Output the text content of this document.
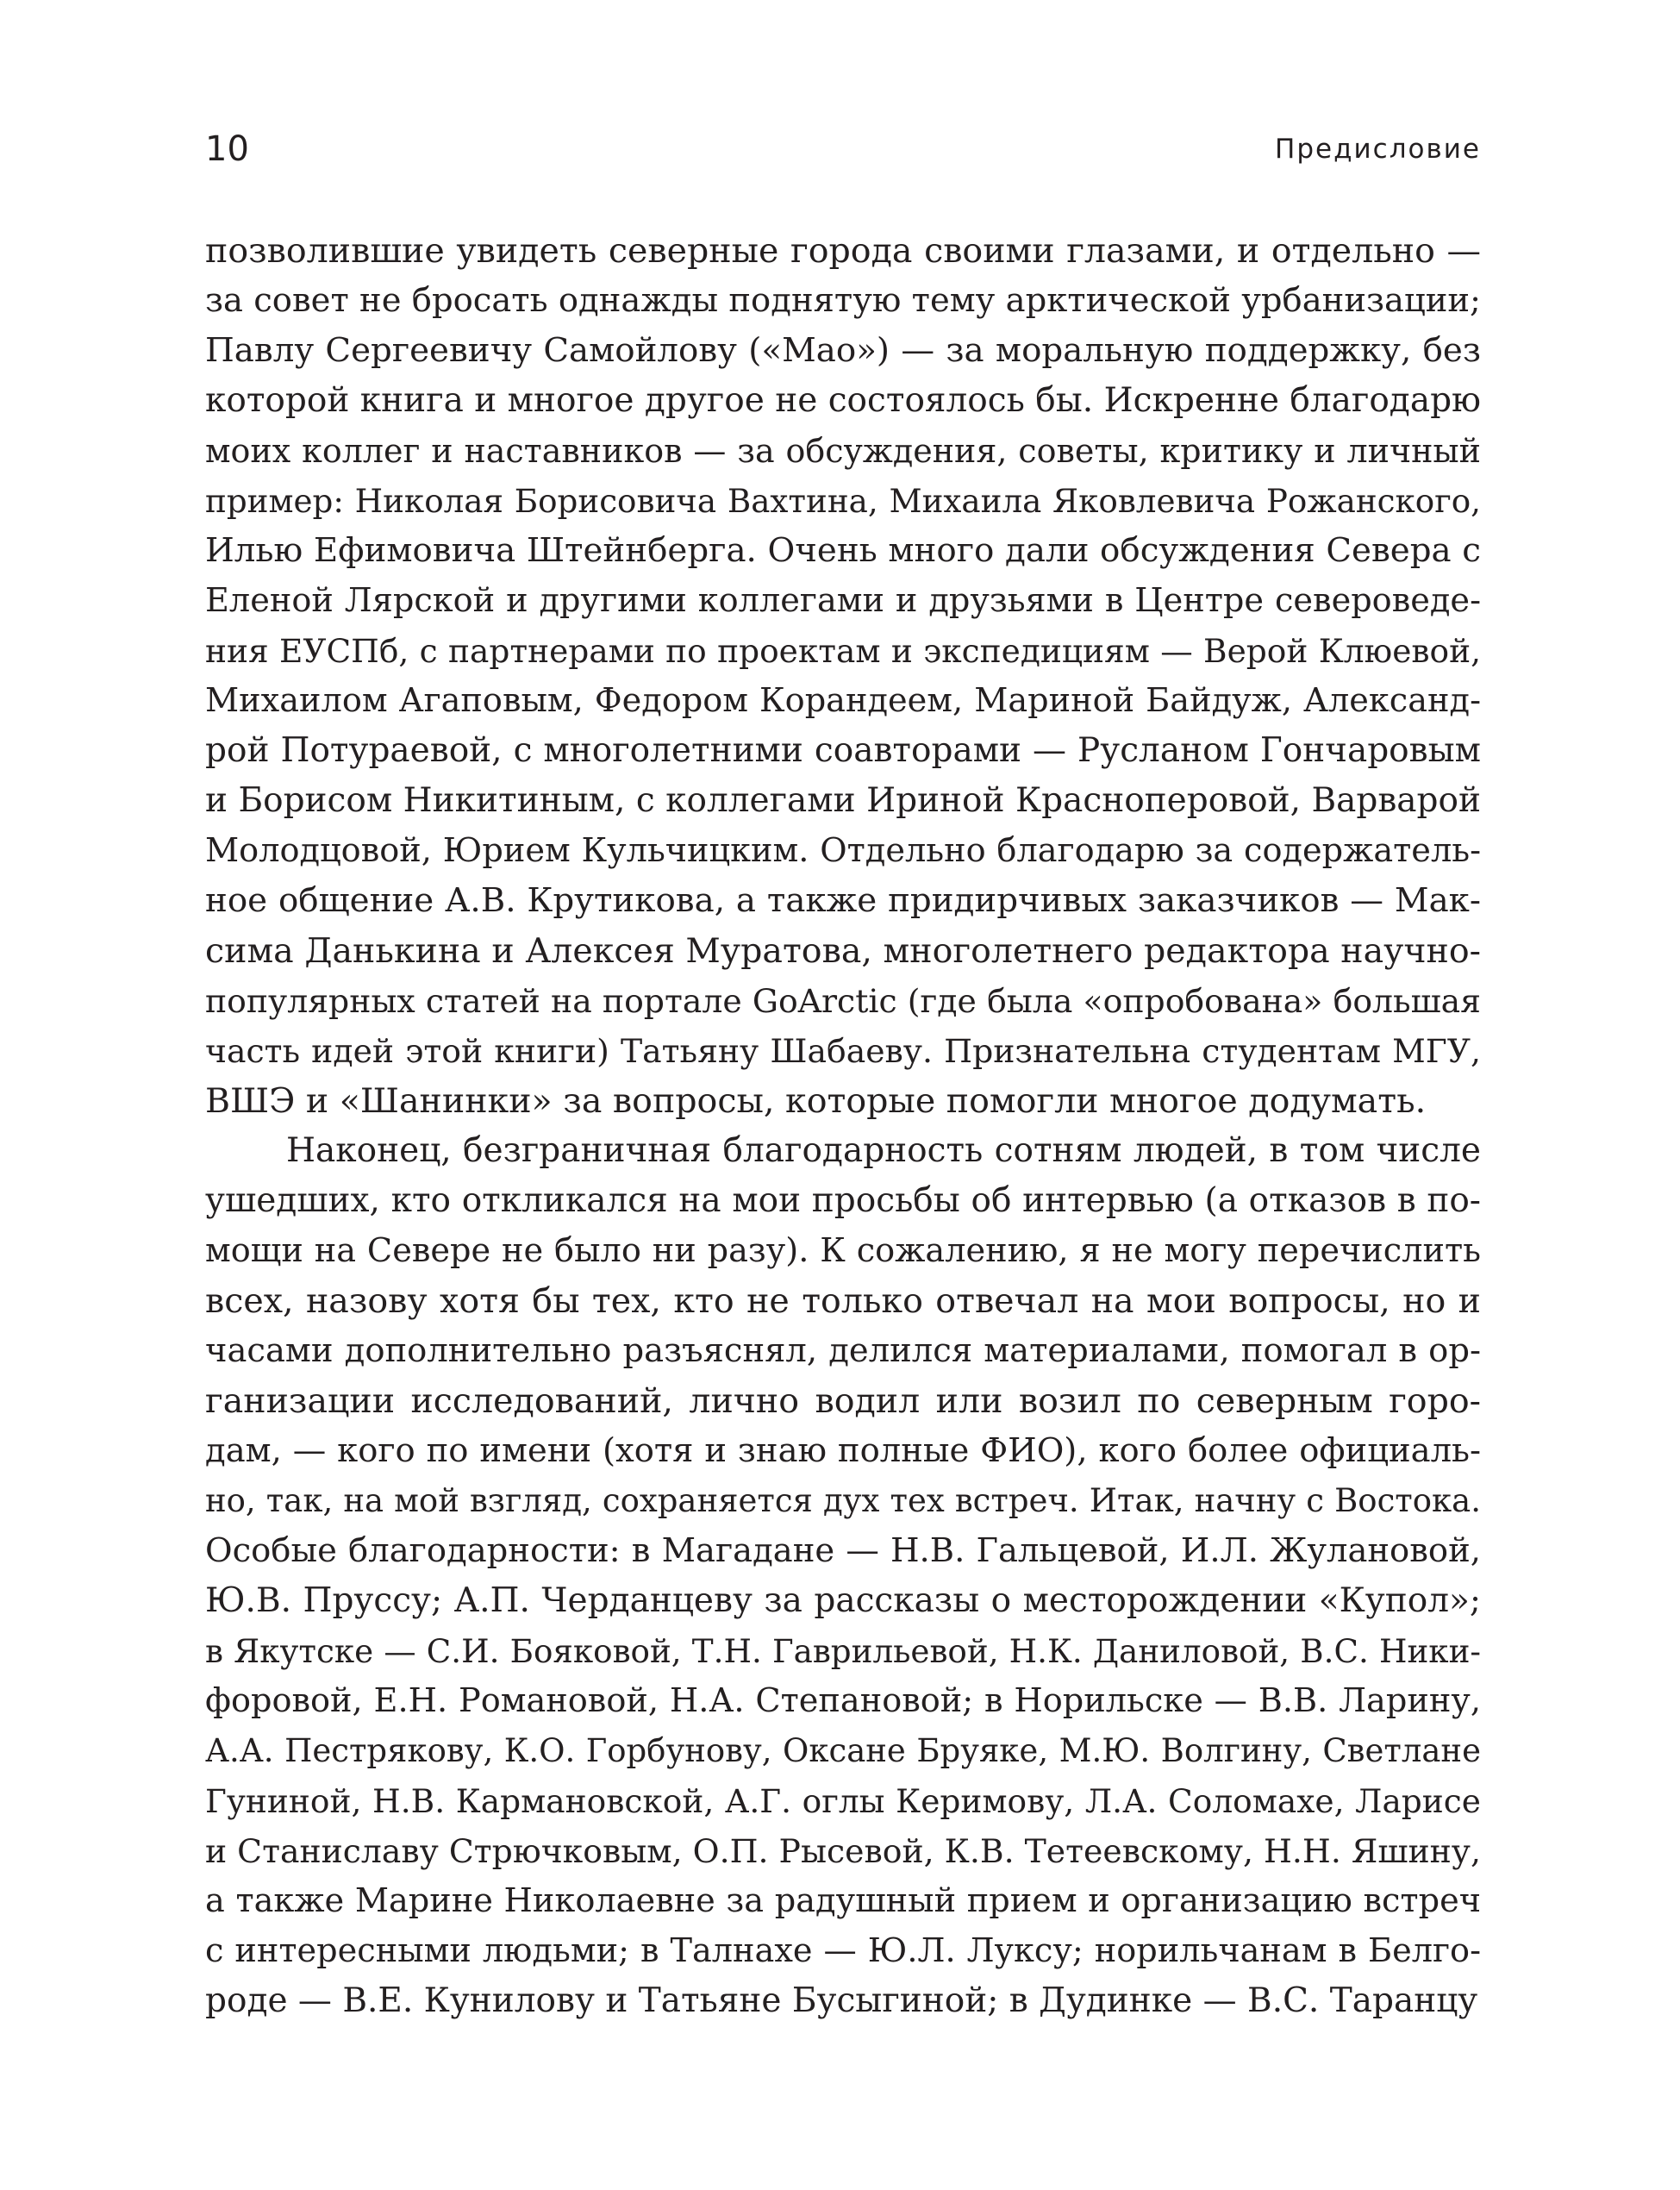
10	Предисловие
позволившие увидеть северные города своими глазами, и отдельно —
за совет не бросать однажды поднятую тему арктической урбанизации;
Павлу Сергеевичу Самойлову («Мао») — за моральную поддержку, без
которой книга и многое другое не состоялось бы. Искренне благодарю
моих коллег и наставников — за обсуждения, советы, критику и личный
пример: Николая Борисовича Вахтина, Михаила Яковлевича Рожанского,
Илью Ефимовича Штейнберга. Очень много дали обсуждения Севера с
Еленой Лярской и другими коллегами и друзьями в Центре североведе-
ния ЕУСПб, с партнерами по проектам и экспедициям — Верой Клюевой,
Михаилом Агаповым, Федором Корандеем, Мариной Байдуж, Александ-
рой Потураевой, с многолетними соавторами — Русланом Гончаровым
и Борисом Никитиным, с коллегами Ириной Красноперовой, Варварой
Молодцовой, Юрием Кульчицким. Отдельно благодарю за содержатель-
ное общение А.В. Крутикова, а также придирчивых заказчиков — Мак-
сима Данькина и Алексея Муратова, многолетнего редактора научно-
популярных статей на портале GoArctic (где была «опробована» большая
часть идей этой книги) Татьяну Шабаеву. Признательна студентам МГУ,
ВШЭ и «Шанинки» за вопросы, которые помогли многое додумать.
Наконец, безграничная благодарность сотням людей, в том числе
ушедших, кто откликался на мои просьбы об интервью (а отказов в по-
мощи на Севере не было ни разу). К сожалению, я не могу перечислить
всех, назову хотя бы тех, кто не только отвечал на мои вопросы, но и
часами дополнительно разъяснял, делился материалами, помогал в ор-
ганизации исследований, лично водил или возил по северным горо-
дам, — кого по имени (хотя и знаю полные ФИО), кого более официаль-
но, так, на мой взгляд, сохраняется дух тех встреч. Итак, начну с Востока.
Особые благодарности: в Магадане — Н.В. Гальцевой, И.Л. Жулановой,
Ю.В. Пруссу; А.П. Черданцеву за рассказы о месторождении «Купол»;
в Якутске — С.И. Бояковой, Т.Н. Гаврильевой, Н.К. Даниловой, В.С. Ники-
форовой, Е.Н. Романовой, Н.А. Степановой; в Норильске — В.В. Ларину,
А.А. Пестрякову, К.О. Горбунову, Оксане Бруяке, М.Ю. Волгину, Светлане
Гуниной, Н.В. Кармановской, А.Г. оглы Керимову, Л.А. Соломахе, Ларисе
и Станиславу Стрючковым, О.П. Рысевой, К.В. Тетеевскому, Н.Н. Яшину,
а также Марине Николаевне за радушный прием и организацию встреч
с интересными людьми; в Талнахе — Ю.Л. Луксу; норильчанам в Белго-
роде — В.Е. Кунилову и Татьяне Бусыгиной; в Дудинке — В.С. Таранцу
